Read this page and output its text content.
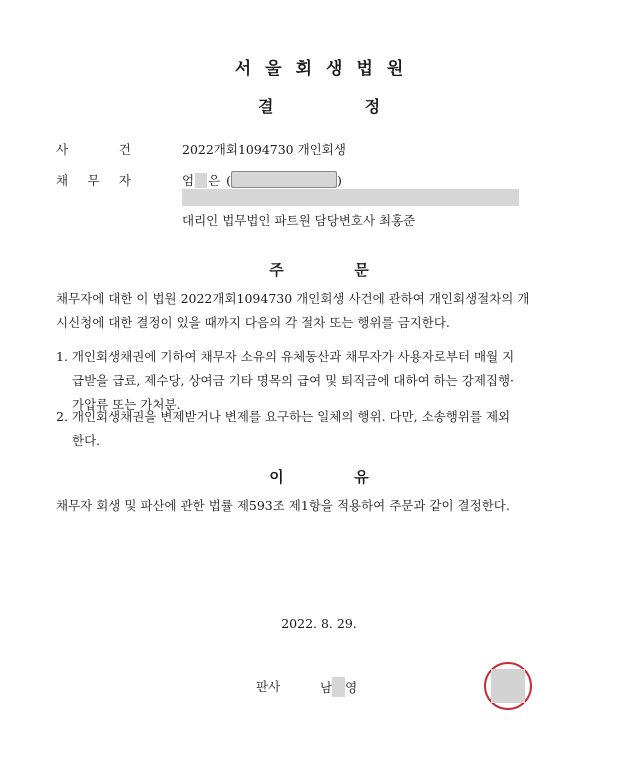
서울회생법원
결	정
사	건	2022개회1094730 개인회생
채 무 자	엄 은 (	)
대리인 법무법인 파트원 담당변호사 최홍준
주	문
채무자에 대한 이 법원 2022개회1094730 개인회생 사건에 관하여 개인회생절차의 개
시신청에 대한 결정이 있을 때까지 다음의 각 절차 또는 행위를 금지한다.
1. 개인회생채권에 기하여 채무자 소유의 유체동산과 채무자가 사용자로부터 매월 지
급받을 급료, 제수당, 상여금 기타 명목의 급여 및 퇴직금에 대하여 하는 강제집행·
가압류 또는 가처분.
2. 개인회생채권을 변제받거나 변제를 요구하는 일체의 행위. 다만, 소송행위를 제외
한다.
이	유
채무자 회생 및 파산에 관한 법률 제593조 제1항을 적용하여 주문과 같이 결정한다.
2022. 8. 29.
판사	남 영
